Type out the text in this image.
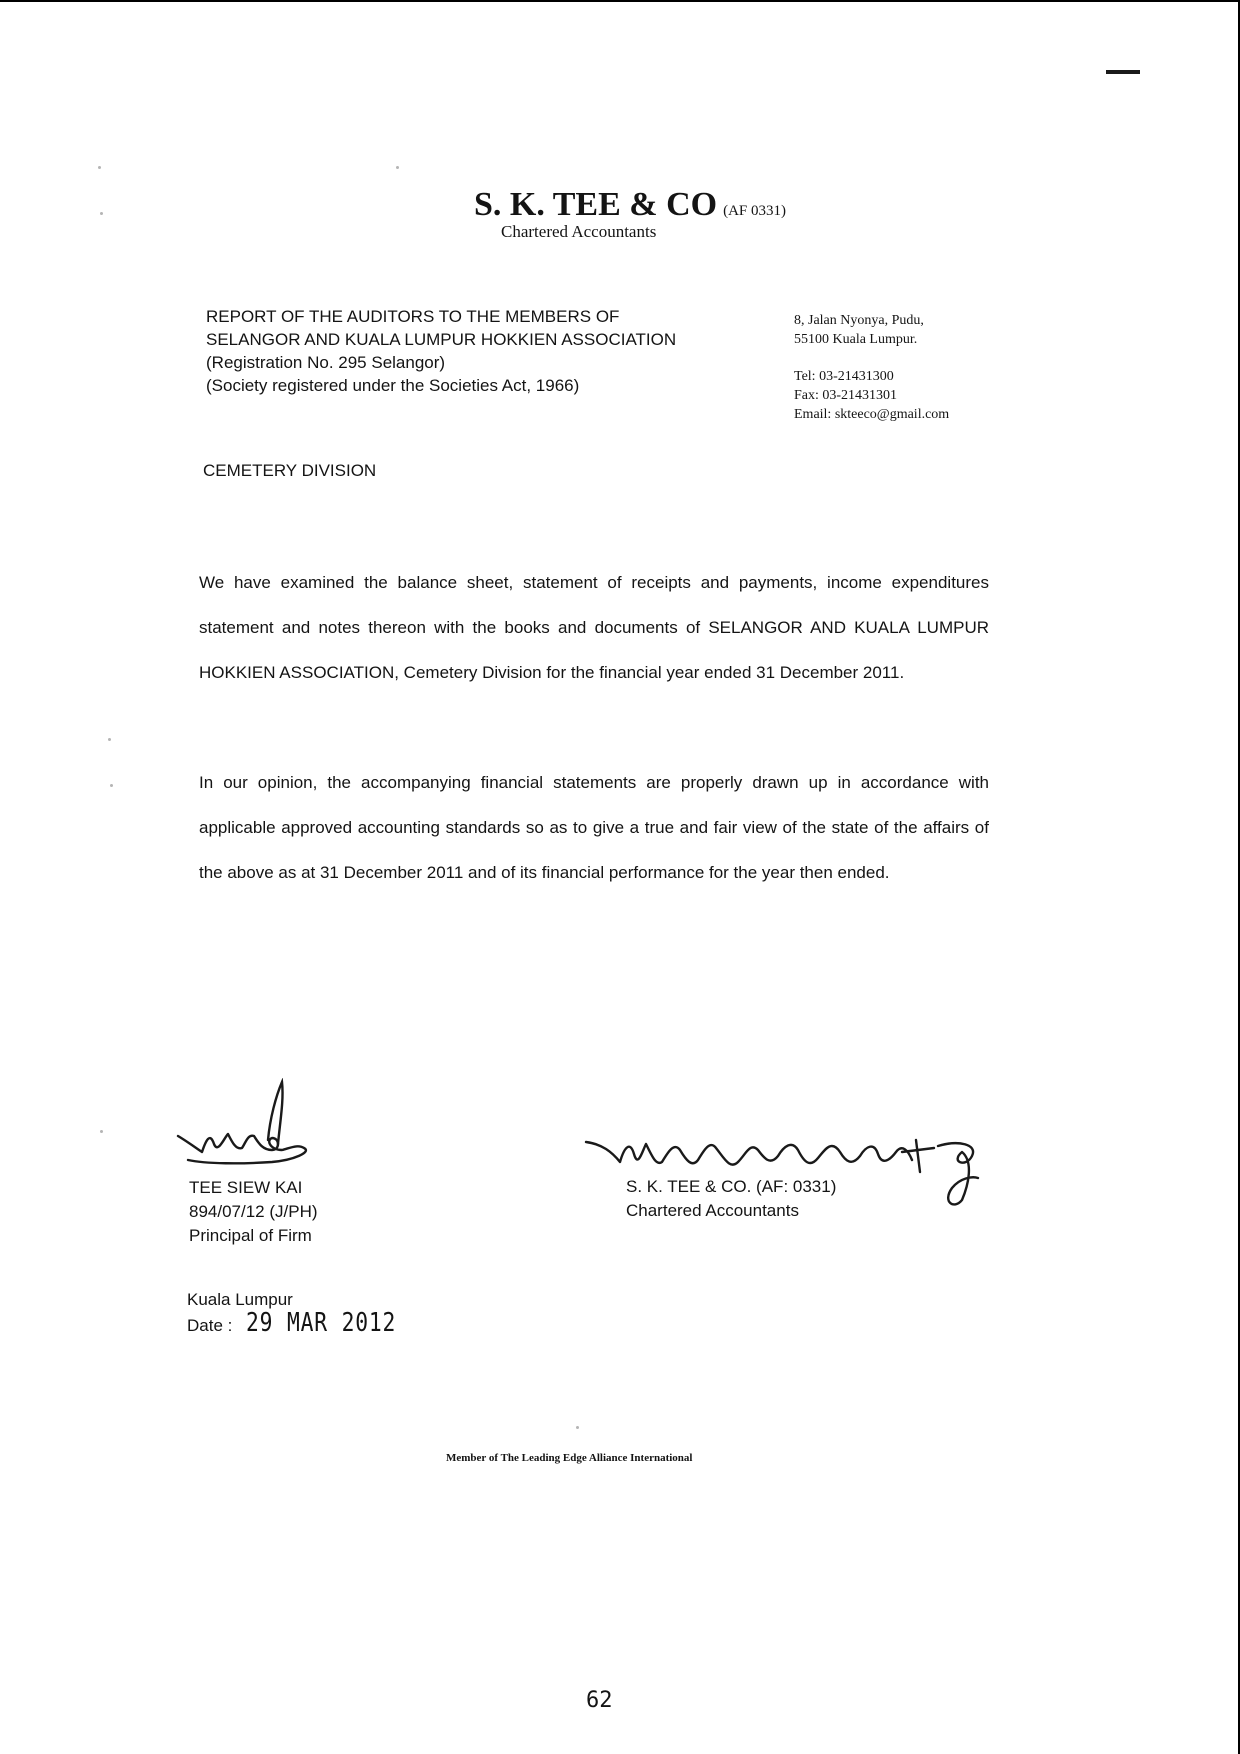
S. K. TEE & CO (AF 0331)
Chartered Accountants
REPORT OF THE AUDITORS TO THE MEMBERS OF
SELANGOR AND KUALA LUMPUR HOKKIEN ASSOCIATION
(Registration No. 295 Selangor)
(Society registered under the Societies Act, 1966)
8, Jalan Nyonya, Pudu,
55100 Kuala Lumpur.
Tel: 03-21431300
Fax: 03-21431301
Email: skteeco@gmail.com
CEMETERY DIVISION

We have examined the balance sheet, statement of receipts and payments, income expenditures statement and notes thereon with the books and documents of SELANGOR AND KUALA LUMPUR HOKKIEN ASSOCIATION, Cemetery Division for the financial year ended 31 December 2011.

In our opinion, the accompanying financial statements are properly drawn up in accordance with applicable approved accounting standards so as to give a true and fair view of the state of the affairs of the above as at 31 December 2011 and of its financial performance for the year then ended.

TEE SIEW KAI
894/07/12 (J/PH)
Principal of Firm
S. K. TEE & CO. (AF: 0331)
Chartered Accountants
Kuala Lumpur
Date : 29 MAR 2012
Member of The Leading Edge Alliance International
62
